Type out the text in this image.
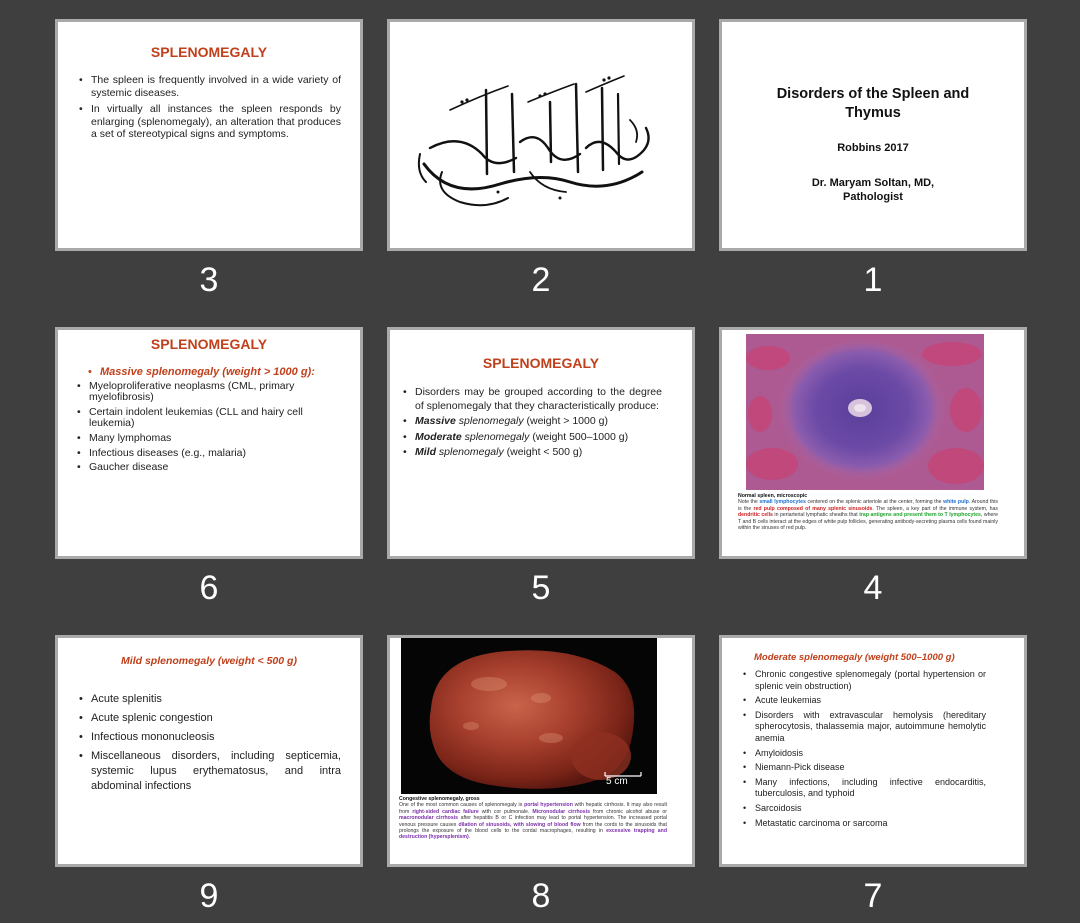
SPLENOMEGALY
• The spleen is frequently involved in a wide variety of systemic diseases.
• In virtually all instances the spleen responds by enlarging (splenomegaly), an alteration that produces a set of stereotypical signs and symptoms.
3	2
Disorders of the Spleen and Thymus
Robbins 2017
Dr. Maryam Soltan, MD,
Pathologist
1
SPLENOMEGALY
• Massive splenomegaly (weight > 1000 g):
• Myeloproliferative neoplasms (CML, primary myelofibrosis)
• Certain indolent leukemias (CLL and hairy cell leukemia)
• Many lymphomas
• Infectious diseases (e.g., malaria)
• Gaucher disease
6
SPLENOMEGALY
• Disorders may be grouped according to the degree of splenomegaly that they characteristically produce:
• Massive splenomegaly (weight > 1000 g)
• Moderate splenomegaly (weight 500–1000 g)
• Mild splenomegaly (weight < 500 g)
5
Normal spleen, microscopic
Note the small lymphocytes centered on the splenic arteriole at the center, forming the white pulp. Around this is the red pulp composed of many splenic sinusoids. The spleen, a key part of the immune system, has dendritic cells in periarterial lymphatic sheaths that trap antigens and present them to T lymphocytes, where T and B cells interact at the edges of white pulp follicles, generating antibody-secreting plasma cells found mainly within the sinuses of red pulp.
4
Mild splenomegaly (weight < 500 g)
• Acute splenitis
• Acute splenic congestion
• Infectious mononucleosis
• Miscellaneous disorders, including septicemia, systemic lupus erythematosus, and intra abdominal infections
9
5 cm
Congestive splenomegaly, gross
One of the most common causes of splenomegaly is portal hypertension with hepatic cirrhosis. It may also result from right-sided cardiac failure with cor pulmonale. Micronodular cirrhosis from chronic alcohol abuse or macronodular cirrhosis after hepatitis B or C infection may lead to portal hypertension. The increased portal venous pressure causes dilation of sinusoids, with slowing of blood flow from the cords to the sinusoids that prolongs the exposure of the blood cells to the cordal macrophages, resulting in excessive trapping and destruction (hypersplenism).
8
Moderate splenomegaly (weight 500–1000 g)
• Chronic congestive splenomegaly (portal hypertension or splenic vein obstruction)
• Acute leukemias
• Disorders with extravascular hemolysis (hereditary spherocytosis, thalassemia major, autoimmune hemolytic anemia
• Amyloidosis
• Niemann-Pick disease
• Many infections, including infective endocarditis, tuberculosis, and typhoid
• Sarcoidosis
• Metastatic carcinoma or sarcoma
7
